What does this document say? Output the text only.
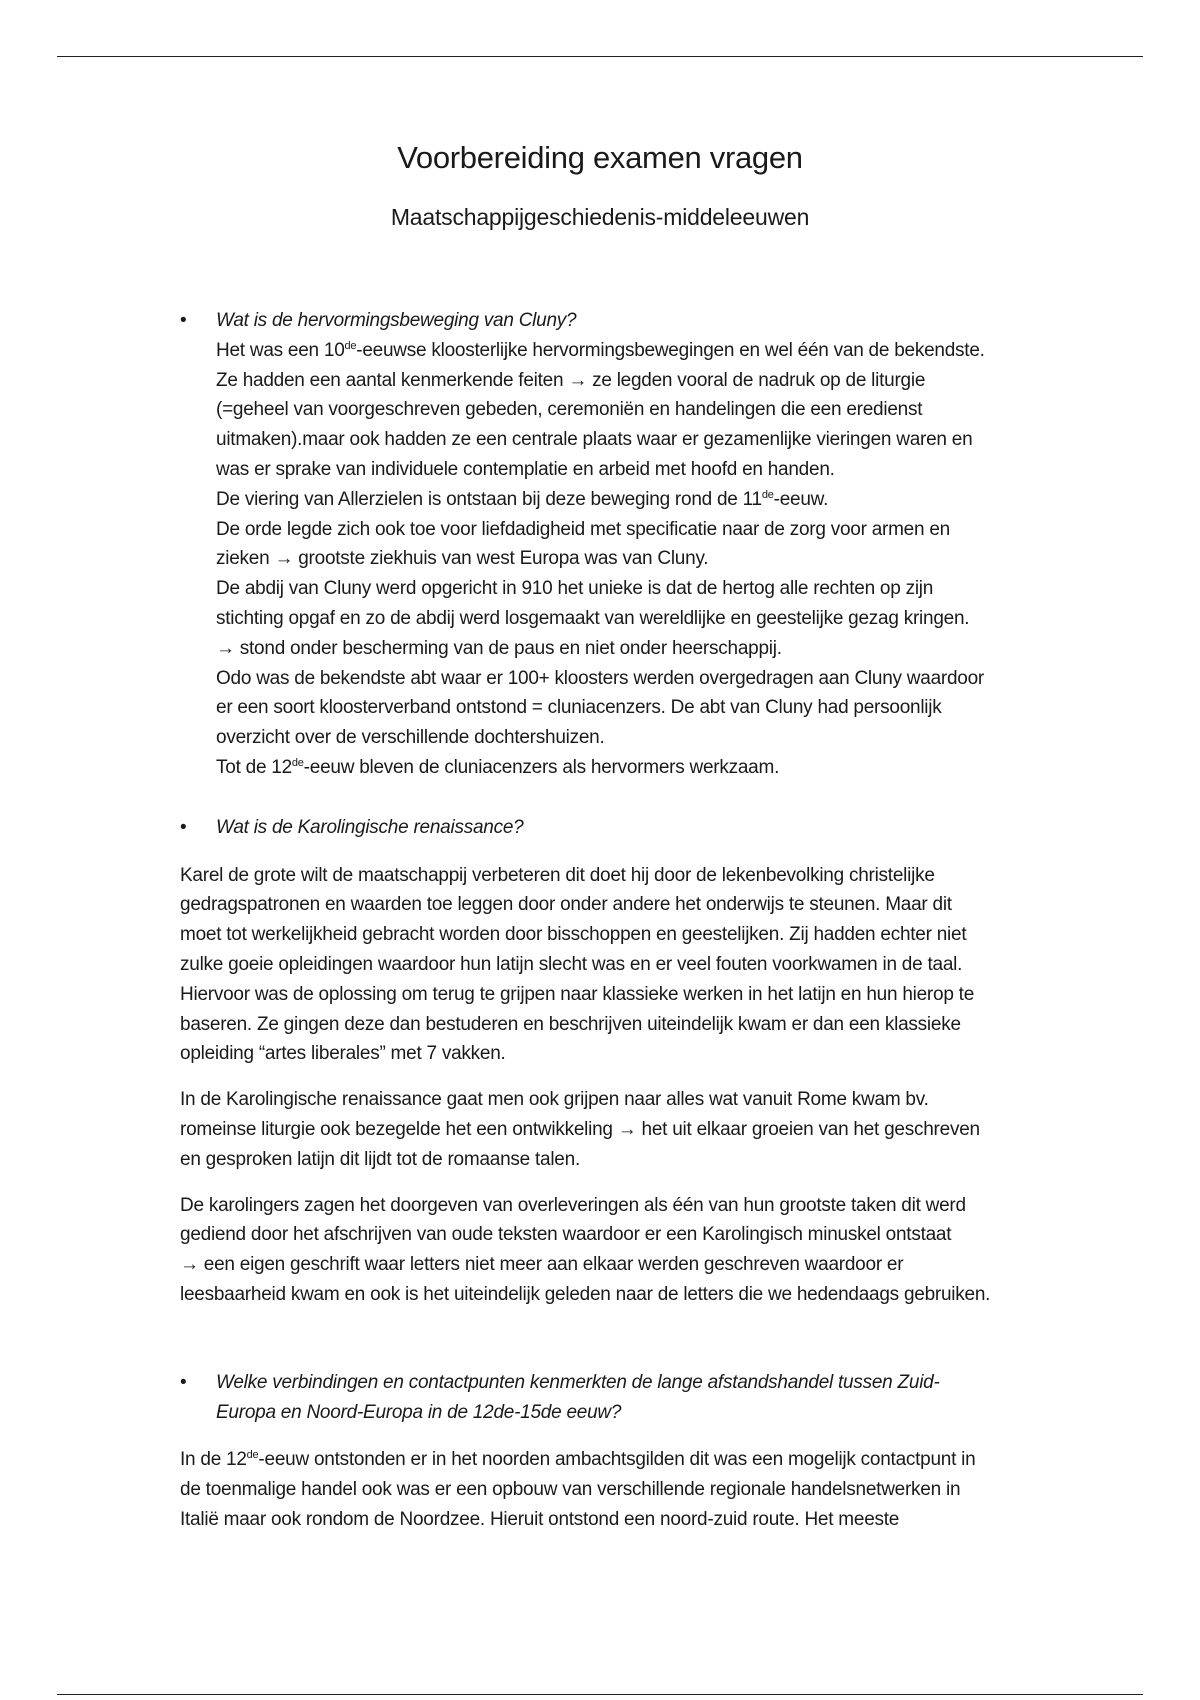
Voorbereiding examen vragen
Maatschappijgeschiedenis-middeleeuwen
• Wat is de hervormingsbeweging van Cluny?
Het was een 10de-eeuwse kloosterlijke hervormingsbewegingen en wel één van de bekendste.
Ze hadden een aantal kenmerkende feiten → ze legden vooral de nadruk op de liturgie
(=geheel van voorgeschreven gebeden, ceremoniën en handelingen die een eredienst
uitmaken).maar ook hadden ze een centrale plaats waar er gezamenlijke vieringen waren en
was er sprake van individuele contemplatie en arbeid met hoofd en handen.
De viering van Allerzielen is ontstaan bij deze beweging rond de 11de-eeuw.
De orde legde zich ook toe voor liefdadigheid met specificatie naar de zorg voor armen en
zieken → grootste ziekhuis van west Europa was van Cluny.
De abdij van Cluny werd opgericht in 910 het unieke is dat de hertog alle rechten op zijn
stichting opgaf en zo de abdij werd losgemaakt van wereldlijke en geestelijke gezag kringen.
→ stond onder bescherming van de paus en niet onder heerschappij.
Odo was de bekendste abt waar er 100+ kloosters werden overgedragen aan Cluny waardoor
er een soort kloosterverband ontstond = cluniacenzers. De abt van Cluny had persoonlijk
overzicht over de verschillende dochtershuizen.
Tot de 12de-eeuw bleven de cluniacenzers als hervormers werkzaam.
• Wat is de Karolingische renaissance?

Karel de grote wilt de maatschappij verbeteren dit doet hij door de lekenbevolking christelijke
gedragspatronen en waarden toe leggen door onder andere het onderwijs te steunen. Maar dit
moet tot werkelijkheid gebracht worden door bisschoppen en geestelijken. Zij hadden echter niet
zulke goeie opleidingen waardoor hun latijn slecht was en er veel fouten voorkwamen in de taal.
Hiervoor was de oplossing om terug te grijpen naar klassieke werken in het latijn en hun hierop te
baseren. Ze gingen deze dan bestuderen en beschrijven uiteindelijk kwam er dan een klassieke
opleiding “artes liberales” met 7 vakken.

In de Karolingische renaissance gaat men ook grijpen naar alles wat vanuit Rome kwam bv.
romeinse liturgie ook bezegelde het een ontwikkeling → het uit elkaar groeien van het geschreven
en gesproken latijn dit lijdt tot de romaanse talen.

De karolingers zagen het doorgeven van overleveringen als één van hun grootste taken dit werd
gediend door het afschrijven van oude teksten waardoor er een Karolingisch minuskel ontstaat
→ een eigen geschrift waar letters niet meer aan elkaar werden geschreven waardoor er
leesbaarheid kwam en ook is het uiteindelijk geleden naar de letters die we hedendaags gebruiken.

• Welke verbindingen en contactpunten kenmerkten de lange afstandshandel tussen Zuid-
Europa en Noord-Europa in de 12de-15de eeuw?

In de 12de-eeuw ontstonden er in het noorden ambachtsgilden dit was een mogelijk contactpunt in
de toenmalige handel ook was er een opbouw van verschillende regionale handelsnetwerken in
Italië maar ook rondom de Noordzee. Hieruit ontstond een noord-zuid route. Het meeste
